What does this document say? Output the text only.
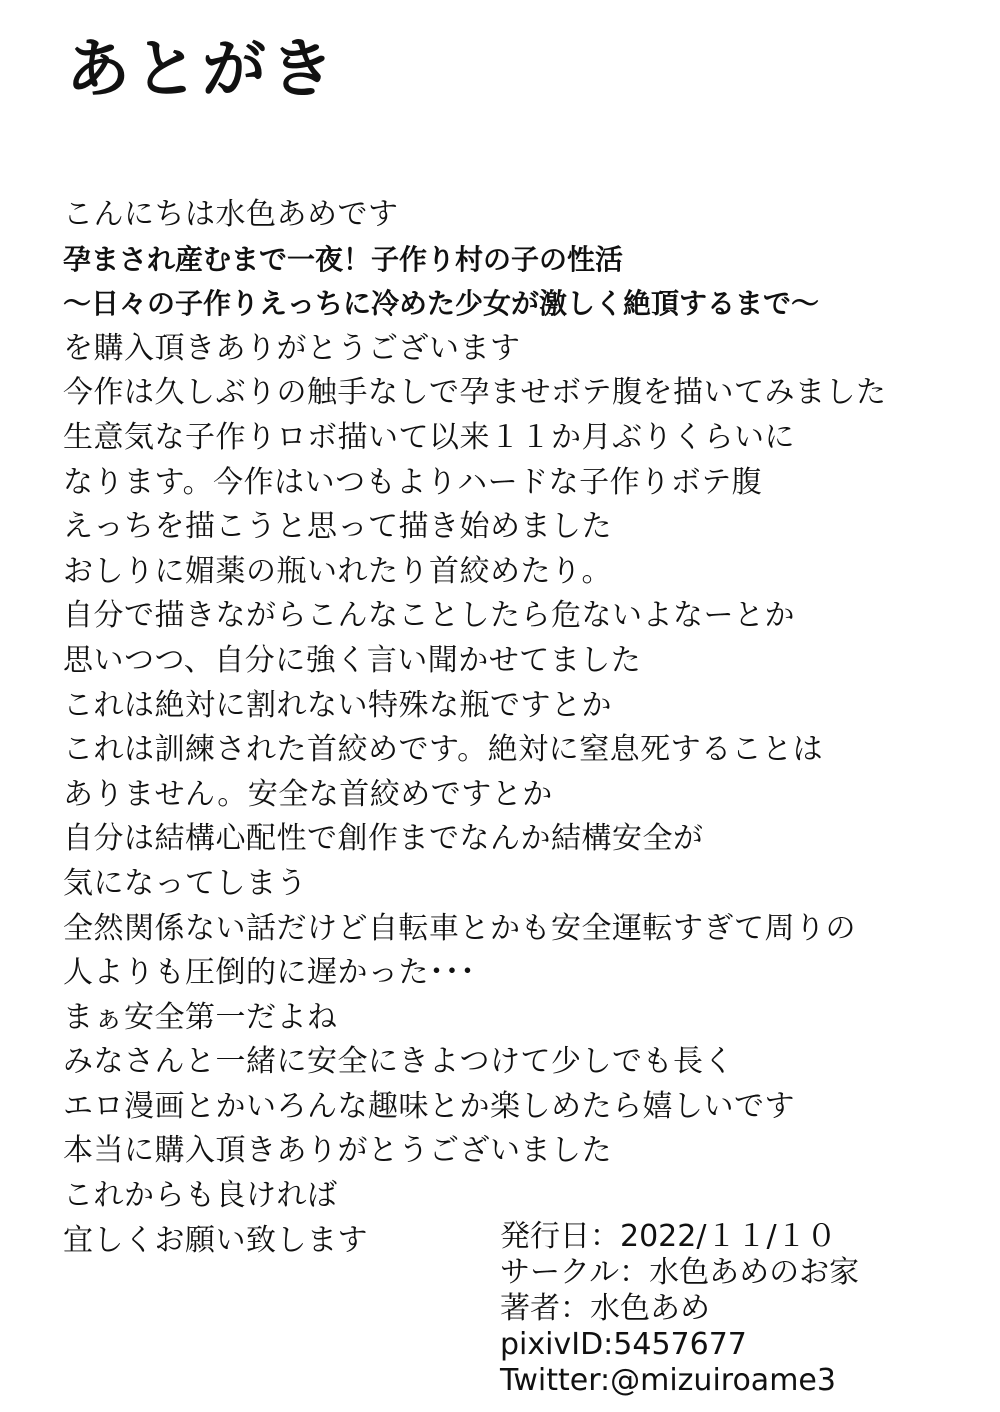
あとがき
こんにちは水色あめです
孕まされ産むまで一夜！子作り村の子の性活
〜日々の子作りえっちに冷めた少女が激しく絶頂するまで〜
を購入頂きありがとうございます
今作は久しぶりの触手なしで孕ませボテ腹を描いてみました
生意気な子作りロボ描いて以来１１か月ぶりくらいに
なります。今作はいつもよりハードな子作りボテ腹
えっちを描こうと思って描き始めました
おしりに媚薬の瓶いれたり首絞めたり。
自分で描きながらこんなことしたら危ないよなーとか
思いつつ、自分に強く言い聞かせてました
これは絶対に割れない特殊な瓶ですとか
これは訓練された首絞めです。絶対に窒息死することは
ありません。安全な首絞めですとか
自分は結構心配性で創作までなんか結構安全が
気になってしまう
全然関係ない話だけど自転車とかも安全運転すぎて周りの
人よりも圧倒的に遅かった･･･
まぁ安全第一だよね
みなさんと一緒に安全にきよつけて少しでも長く
エロ漫画とかいろんな趣味とか楽しめたら嬉しいです
本当に購入頂きありがとうございました
これからも良ければ
宜しくお願い致します	発行日：2022/１１/１０
サークル：水色あめのお家
著者：水色あめ
pixivID:5457677
Twitter:@mizuiroame3
